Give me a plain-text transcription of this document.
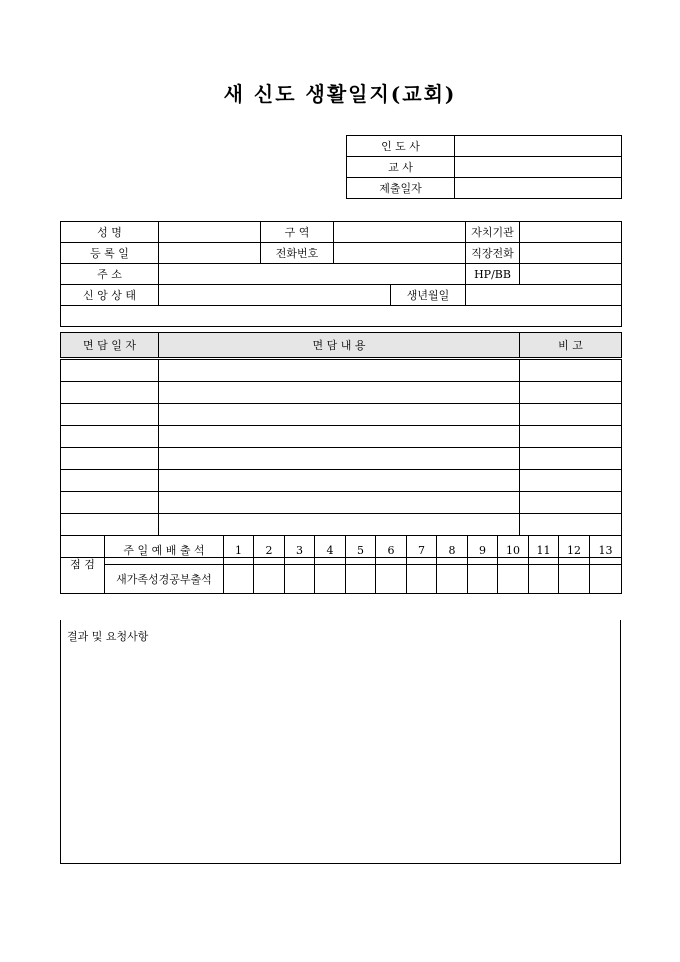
새 신도 생활일지(교회)
인 도 사	
교 사	
제출일자	
성 명		구 역			자치기관	
등 록 일		전화번호			직장전화	
주 소					HP/BB	
신 앙 상 태				생년월일		

면 담 일 자	면 담 내 용	비 고

점 검	주 일 예 배 출 석	1	2	3	4	5	6	7	8	9	10	11	12	13
	새가족성경공부출석													
결과 및 요청사항
